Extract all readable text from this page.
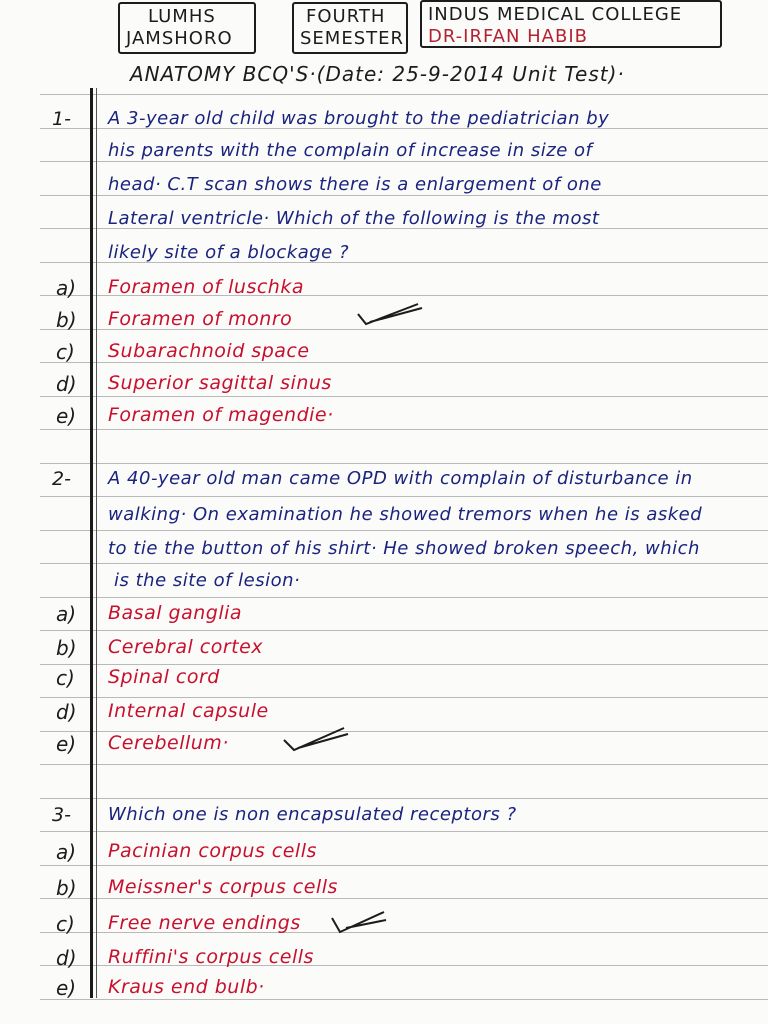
LUMHS
JAMSHORO
FOURTH
SEMESTER
INDUS MEDICAL COLLEGE
DR-IRFAN HABIB
ANATOMY BCQ'S·(Date: 25-9-2014 Unit Test)·
1- A 3-year old child was brought to the pediatrician by
his parents with the complain of increase in size of
head· C.T scan shows there is a enlargement of one
Lateral ventricle· Which of the following is the most
likely site of a blockage ?
a) Foramen of luschka
b) Foramen of monro
c) Subarachnoid space
d) Superior sagittal sinus
e) Foramen of magendie·
2- A 40-year old man came OPD with complain of disturbance in
walking· On examination he showed tremors when he is asked
to tie the button of his shirt· He showed broken speech, which
is the site of lesion·
a) Basal ganglia
b) Cerebral cortex
c) Spinal cord
d) Internal capsule
e) Cerebellum·
3- Which one is non encapsulated receptors ?
a) Pacinian corpus cells
b) Meissner's corpus cells
c) Free nerve endings
d) Ruffini's corpus cells
e) Kraus end bulb·
